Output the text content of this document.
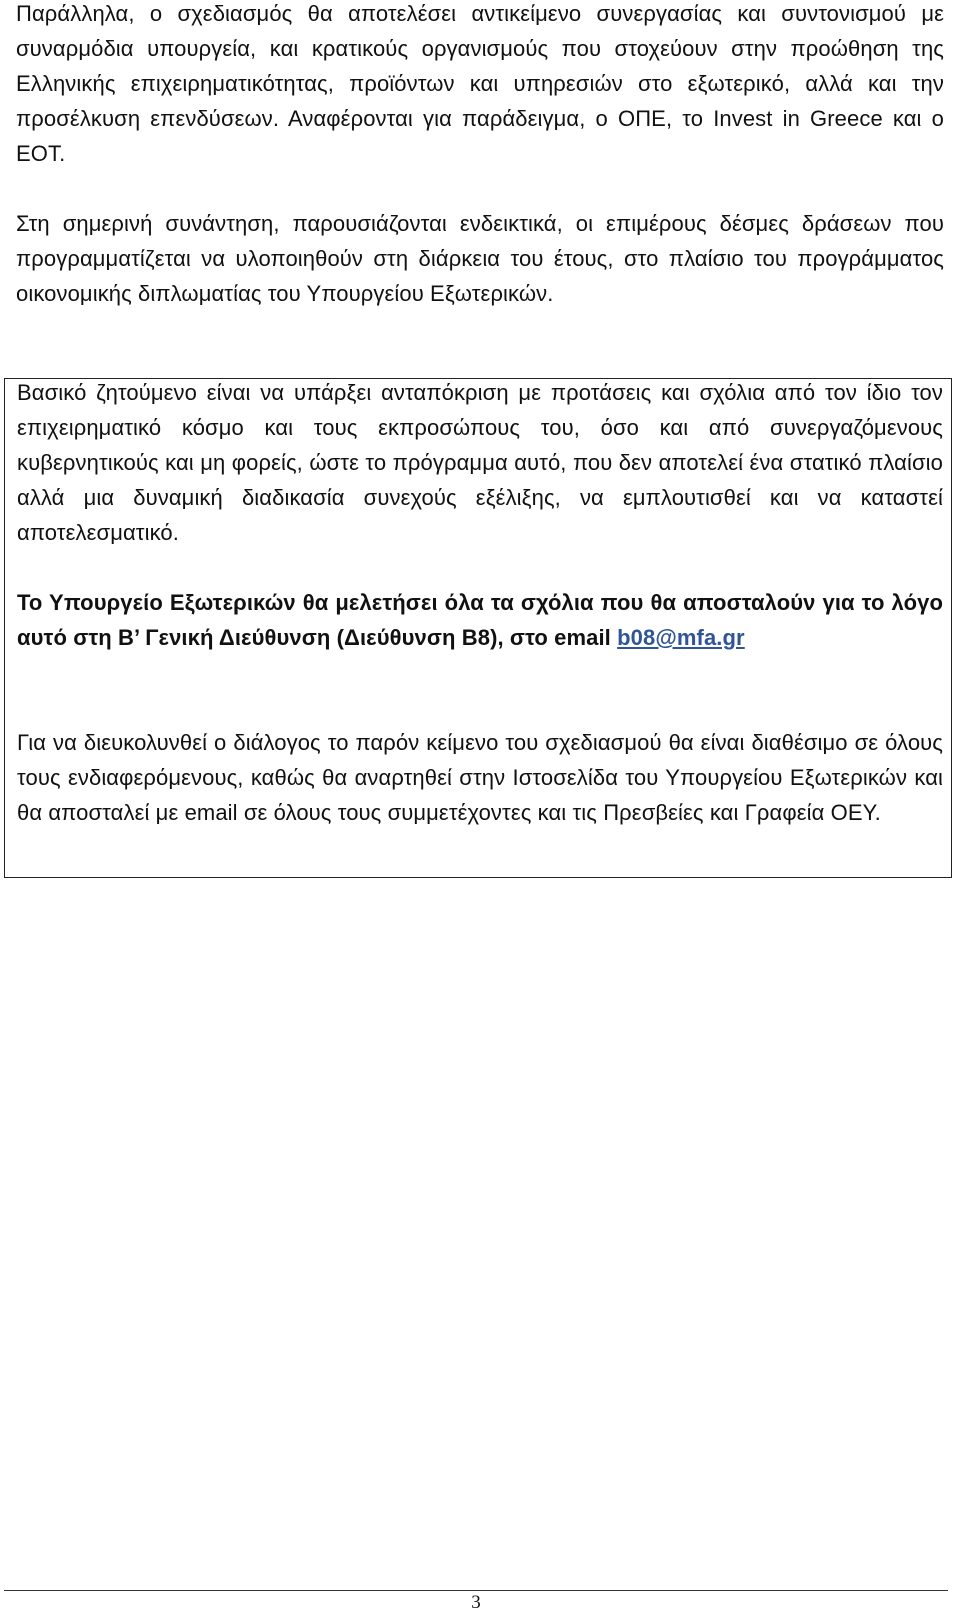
Παράλληλα, ο σχεδιασμός θα αποτελέσει αντικείμενο συνεργασίας και συντονισμού με συναρμόδια υπουργεία, και κρατικούς οργανισμούς που στοχεύουν στην προώθηση της Ελληνικής επιχειρηματικότητας, προϊόντων και υπηρεσιών στο εξωτερικό, αλλά και την προσέλκυση επενδύσεων. Αναφέρονται για παράδειγμα, ο ΟΠΕ, το Invest in Greece και ο ΕΟΤ.

Στη σημερινή συνάντηση, παρουσιάζονται ενδεικτικά, οι επιμέρους δέσμες δράσεων που προγραμματίζεται να υλοποιηθούν στη διάρκεια του έτους, στο πλαίσιο του προγράμματος οικονομικής διπλωματίας του Υπουργείου Εξωτερικών.

Βασικό ζητούμενο είναι να υπάρξει ανταπόκριση με προτάσεις και σχόλια από τον ίδιο τον επιχειρηματικό κόσμο και τους εκπροσώπους του, όσο και από συνεργαζόμενους κυβερνητικούς και μη φορείς, ώστε το πρόγραμμα αυτό, που δεν αποτελεί ένα στατικό πλαίσιο αλλά μια δυναμική διαδικασία συνεχούς εξέλιξης, να εμπλουτισθεί και να καταστεί αποτελεσματικό.

Το Υπουργείο Εξωτερικών θα μελετήσει όλα τα σχόλια που θα αποσταλούν για το λόγο αυτό στη Β’ Γενική Διεύθυνση (Διεύθυνση Β8), στο email b08@mfa.gr

Για να διευκολυνθεί ο διάλογος το παρόν κείμενο του σχεδιασμού θα είναι διαθέσιμο σε όλους τους ενδιαφερόμενους, καθώς θα αναρτηθεί στην Ιστοσελίδα του Υπουργείου Εξωτερικών και θα αποσταλεί με email σε όλους τους συμμετέχοντες και τις Πρεσβείες και Γραφεία ΟΕΥ.

3
